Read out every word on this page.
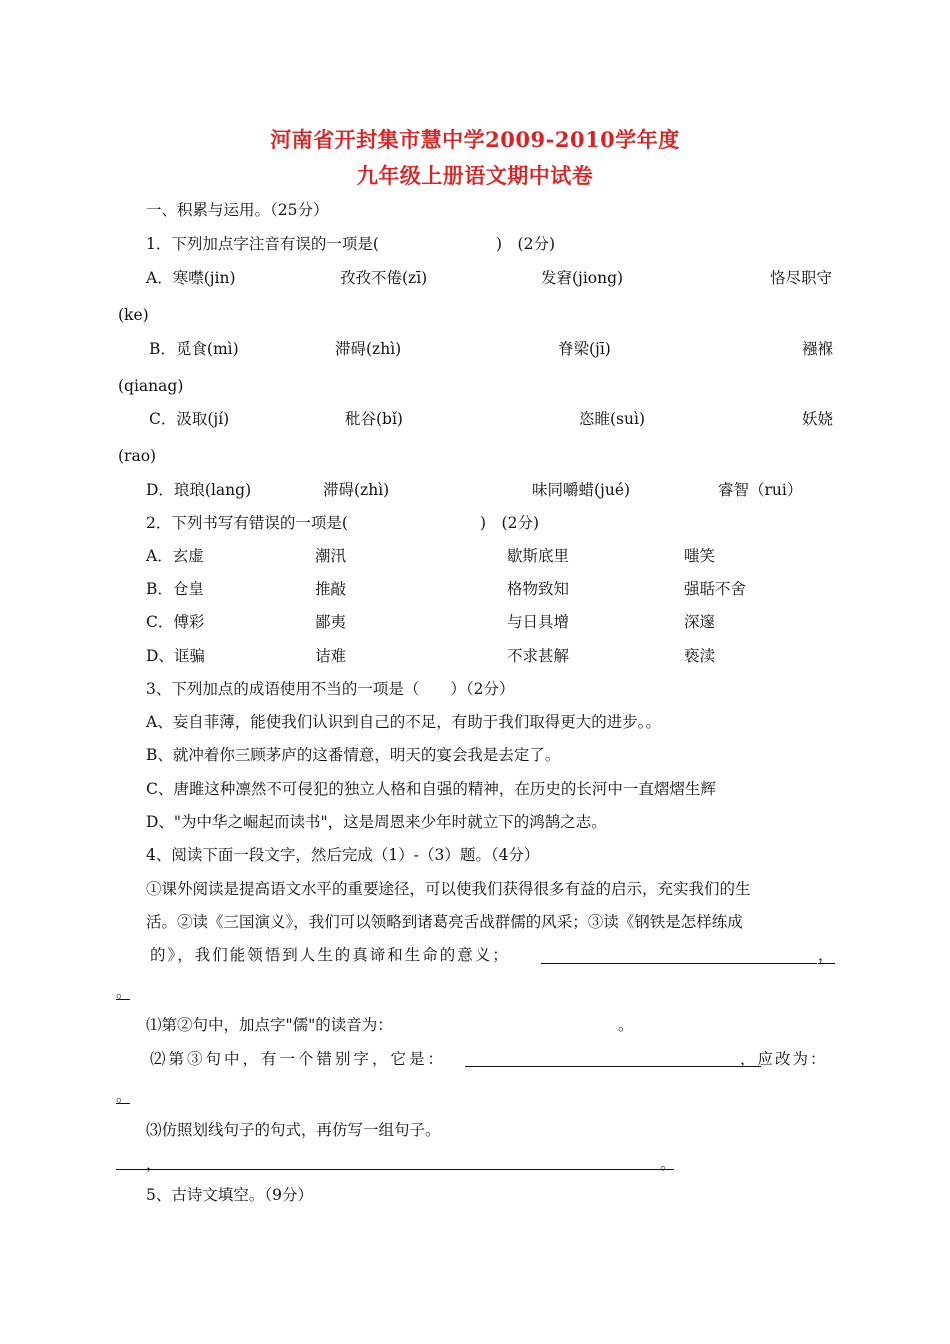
河南省开封集市慧中学2009-2010学年度
九年级上册语文期中试卷
一、积累与运用。（25分）
1．下列加点字注音有误的一项是(	)　(2分)
A．寒噤(jin)	孜孜不倦(zī)	发窘(jiong)	恪尽职守
(ke)
B．觅食(mì)	滞碍(zhì)	脊梁(jī)	襁褓
(qianag)
C．汲取(jí)	秕谷(bǐ)	恣睢(suì)	妖娆
(rao)
D．琅琅(lang)	滞碍(zhì)	味同嚼蜡(jué)	睿智（rui）
2．下列书写有错误的一项是(	)　(2分)
A．玄虚	潮汛	歇斯底里	嗤笑
B．仓皇	推敲	格物致知	强聒不舍
C．傅彩	鄙夷	与日具增	深邃
D、诓骗	诘难	不求甚解	亵渎
3、下列加点的成语使用不当的一项是（　　）（2分）
A、妄自菲薄，能使我们认识到自己的不足，有助于我们取得更大的进步。。
B、就冲着你三顾茅庐的这番情意，明天的宴会我是去定了。
C、唐雎这种凛然不可侵犯的独立人格和自强的精神，在历史的长河中一直熠熠生辉
D、"为中华之崛起而读书"，这是周恩来少年时就立下的鸿鹄之志。
4、阅读下面一段文字，然后完成（1）-（3）题。（4分）
①课外阅读是提高语文水平的重要途径，可以使我们获得很多有益的启示，充实我们的生
活。②读《三国演义》，我们可以领略到诸葛亮舌战群儒的风采；③读《钢铁是怎样练成
的》，我们能领悟到人生的真谛和生命的意义；	，
。
⑴第②句中，加点字"儒"的读音为：	。
⑵第③句中，有一个错别字，它是：	，应改为：
。
⑶仿照划线句子的句式，再仿写一组句子。
，	。
5、古诗文填空。（9分）
